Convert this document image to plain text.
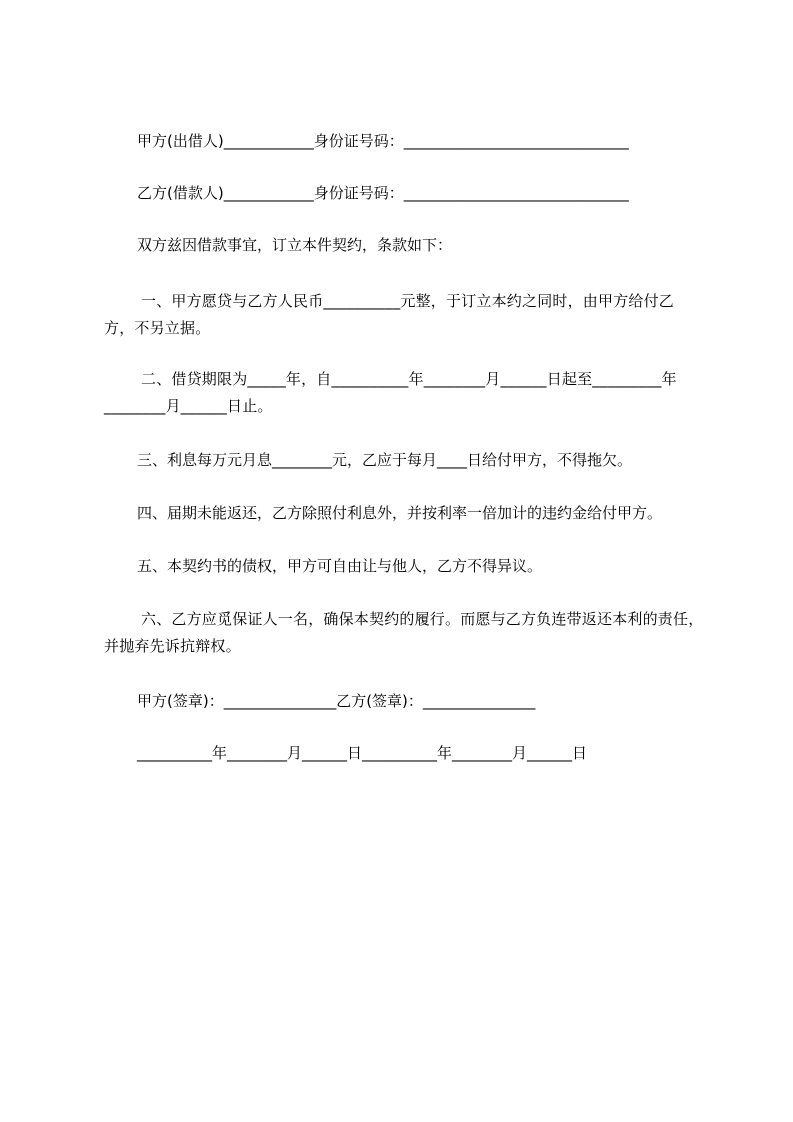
甲方(出借人)____________身份证号码：______________________________
乙方(借款人)____________身份证号码：______________________________
双方兹因借款事宜，订立本件契约，条款如下：
一、甲方愿贷与乙方人民币__________元整，于订立本约之同时，由甲方给付乙方，不另立据。
二、借贷期限为_____年，自__________年________月______日起至_________年________月______日止。
三、利息每万元月息________元，乙应于每月____日给付甲方，不得拖欠。
四、届期未能返还，乙方除照付利息外，并按利率一倍加计的违约金给付甲方。
五、本契约书的债权，甲方可自由让与他人，乙方不得异议。
六、乙方应觅保证人一名，确保本契约的履行。而愿与乙方负连带返还本利的责任，并抛弃先诉抗辩权。
甲方(签章)：_______________乙方(签章)：_______________
__________年________月______日__________年________月______日
